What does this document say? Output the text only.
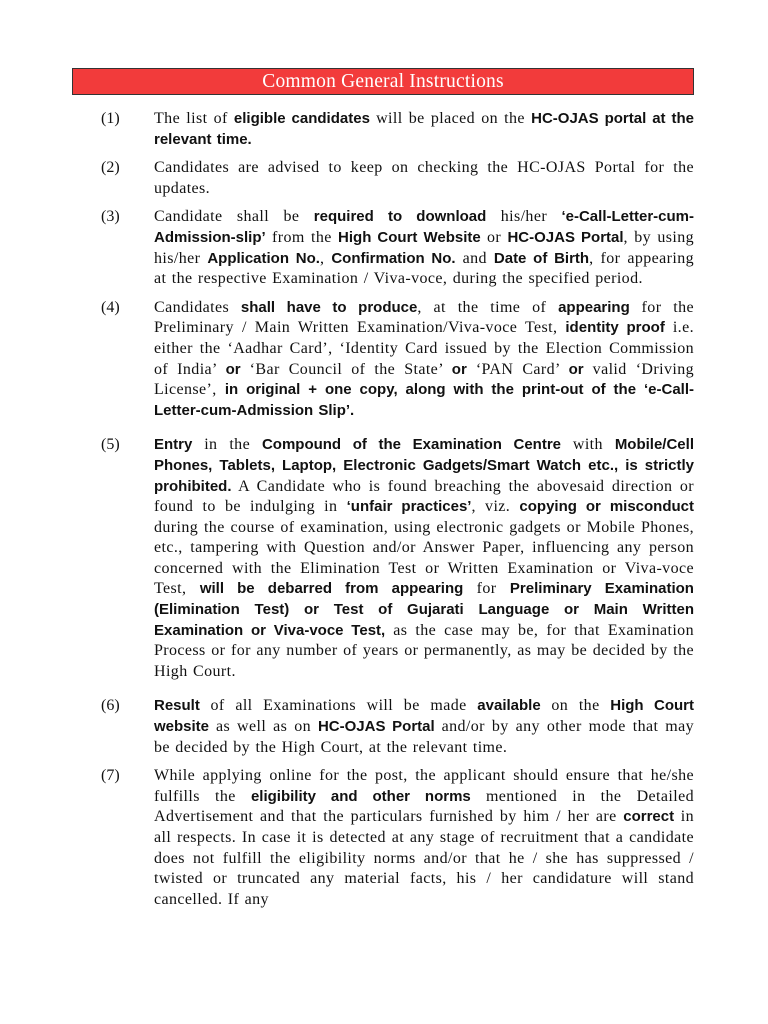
Common General Instructions
(1) The list of eligible candidates will be placed on the HC-OJAS portal at the relevant time.
(2) Candidates are advised to keep on checking the HC-OJAS Portal for the updates.
(3) Candidate shall be required to download his/her ‘e-Call-Letter-cum-Admission-slip’ from the High Court Website or HC-OJAS Portal, by using his/her Application No., Confirmation No. and Date of Birth, for appearing at the respective Examination / Viva-voce, during the specified period.
(4) Candidates shall have to produce, at the time of appearing for the Preliminary / Main Written Examination/Viva-voce Test, identity proof i.e. either the ‘Aadhar Card’, ‘Identity Card issued by the Election Commission of India’ or ‘Bar Council of the State’ or ‘PAN Card’ or valid ‘Driving License’, in original + one copy, along with the print-out of the ‘e-Call-Letter-cum-Admission Slip’.
(5) Entry in the Compound of the Examination Centre with Mobile/Cell Phones, Tablets, Laptop, Electronic Gadgets/Smart Watch etc., is strictly prohibited. A Candidate who is found breaching the abovesaid direction or found to be indulging in ‘unfair practices’, viz. copying or misconduct during the course of examination, using electronic gadgets or Mobile Phones, etc., tampering with Question and/or Answer Paper, influencing any person concerned with the Elimination Test or Written Examination or Viva-voce Test, will be debarred from appearing for Preliminary Examination (Elimination Test) or Test of Gujarati Language or Main Written Examination or Viva-voce Test, as the case may be, for that Examination Process or for any number of years or permanently, as may be decided by the High Court.
(6) Result of all Examinations will be made available on the High Court website as well as on HC-OJAS Portal and/or by any other mode that may be decided by the High Court, at the relevant time.
(7) While applying online for the post, the applicant should ensure that he/she fulfills the eligibility and other norms mentioned in the Detailed Advertisement and that the particulars furnished by him / her are correct in all respects. In case it is detected at any stage of recruitment that a candidate does not fulfill the eligibility norms and/or that he / she has suppressed / twisted or truncated any material facts, his / her candidature will stand cancelled. If any
